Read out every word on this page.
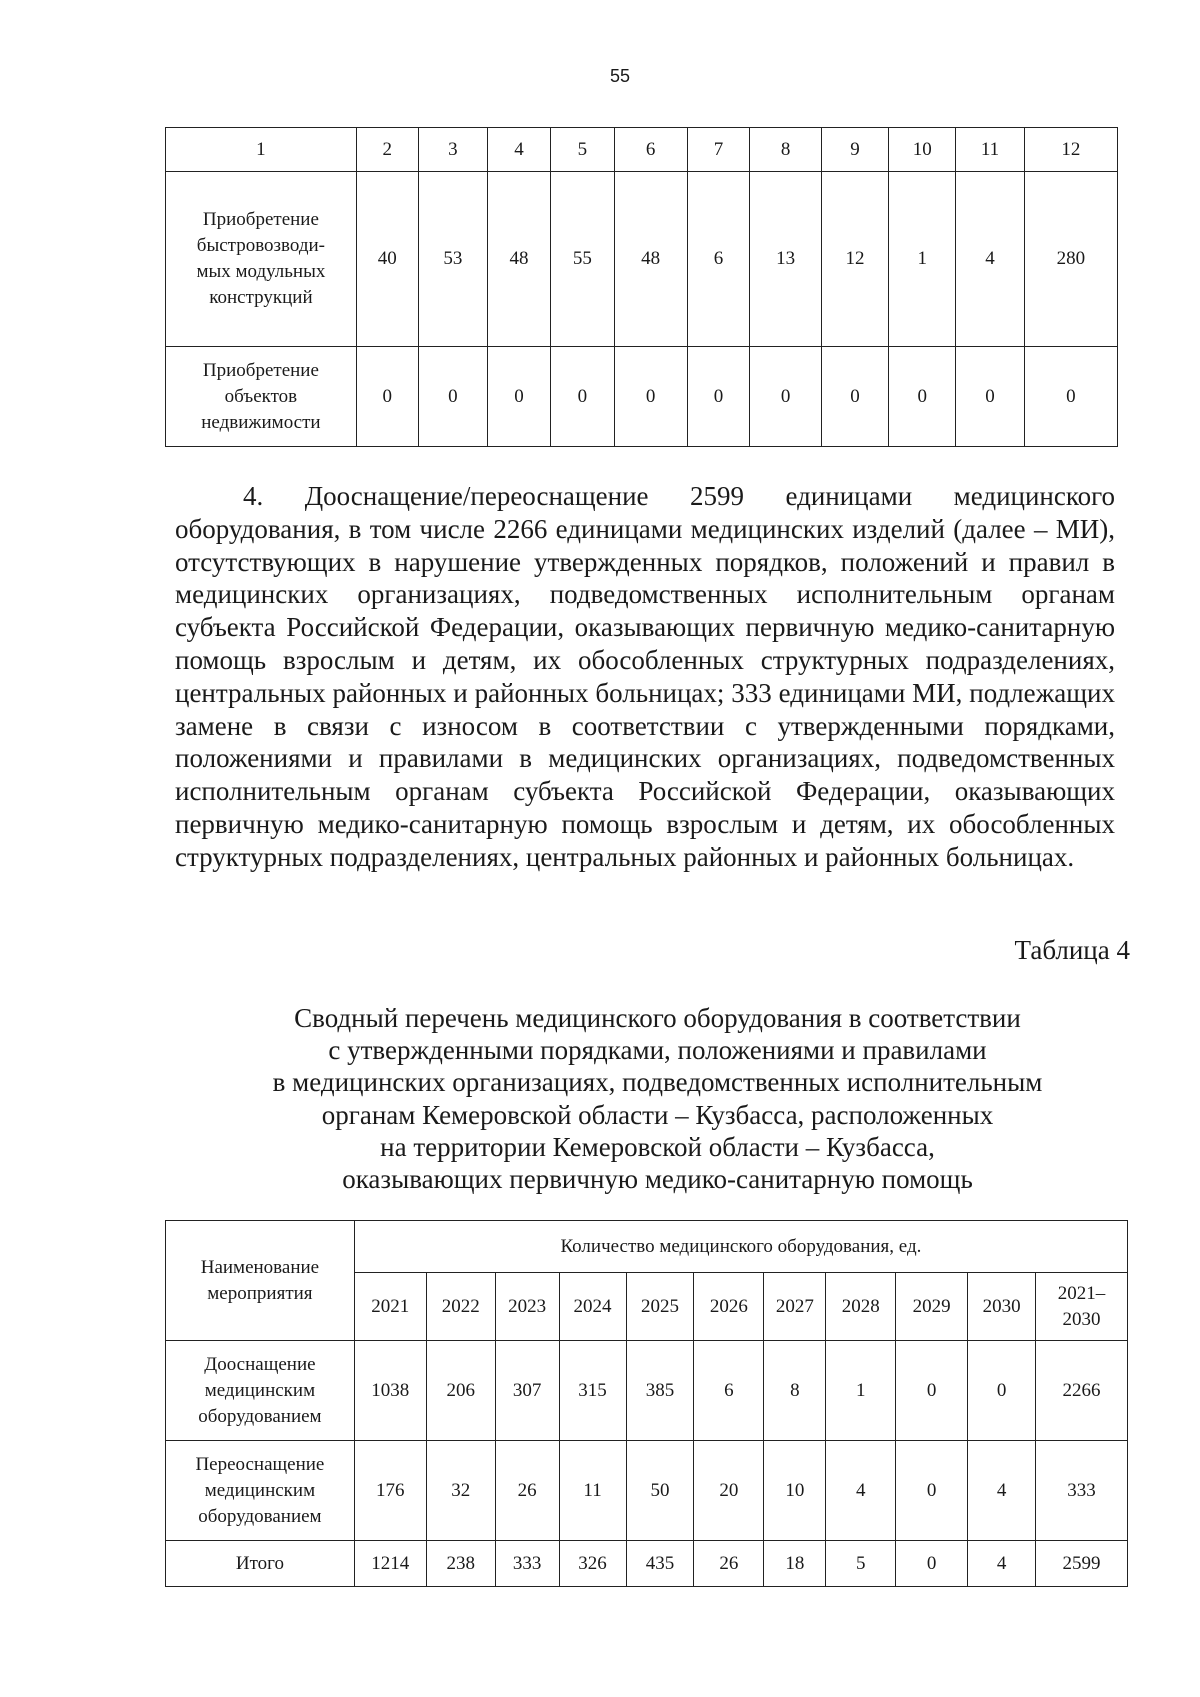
55
1	2	3	4	5	6	7	8	9	10	11	12

Приобретение
быстровозводи-
мых модульных
конструкций	40	53	48	55	48	6	13	12	1	4	280

Приобретение
объектов
недвижимости	0	0	0	0	0	0	0	0	0	0	0

4. Дооснащение/переоснащение 2599 единицами медицинского оборудования, в том числе 2266 единицами медицинских изделий (далее – МИ), отсутствующих в нарушение утвержденных порядков, положений и правил в медицинских организациях, подведомственных исполнительным органам субъекта Российской Федерации, оказывающих первичную медико-санитарную помощь взрослым и детям, их обособленных структурных подразделениях, центральных районных и районных больницах; 333 единицами МИ, подлежащих замене в связи с износом в соответствии с утвержденными порядками, положениями и правилами в медицинских организациях, подведомственных исполнительным органам субъекта Российской Федерации, оказывающих первичную медико-санитарную помощь взрослым и детям, их обособленных структурных подразделениях, центральных районных и районных больницах.

Таблица 4

Сводный перечень медицинского оборудования в соответствии
с утвержденными порядками, положениями и правилами
в медицинских организациях, подведомственных исполнительным
органам Кемеровской области – Кузбасса, расположенных
на территории Кемеровской области – Кузбасса,
оказывающих первичную медико-санитарную помощь
Наименование
мероприятия	Количество медицинского оборудования, ед.										
	2021	2022	2023	2024	2025	2026	2027	2028	2029	2030	2021–
2030

Дооснащение
медицинским
оборудованием	1038	206	307	315	385	6	8	1	0	0	2266

Переоснащение
медицинским
оборудованием	176	32	26	11	50	20	10	4	0	4	333

Итого	1214	238	333	326	435	26	18	5	0	4	2599
